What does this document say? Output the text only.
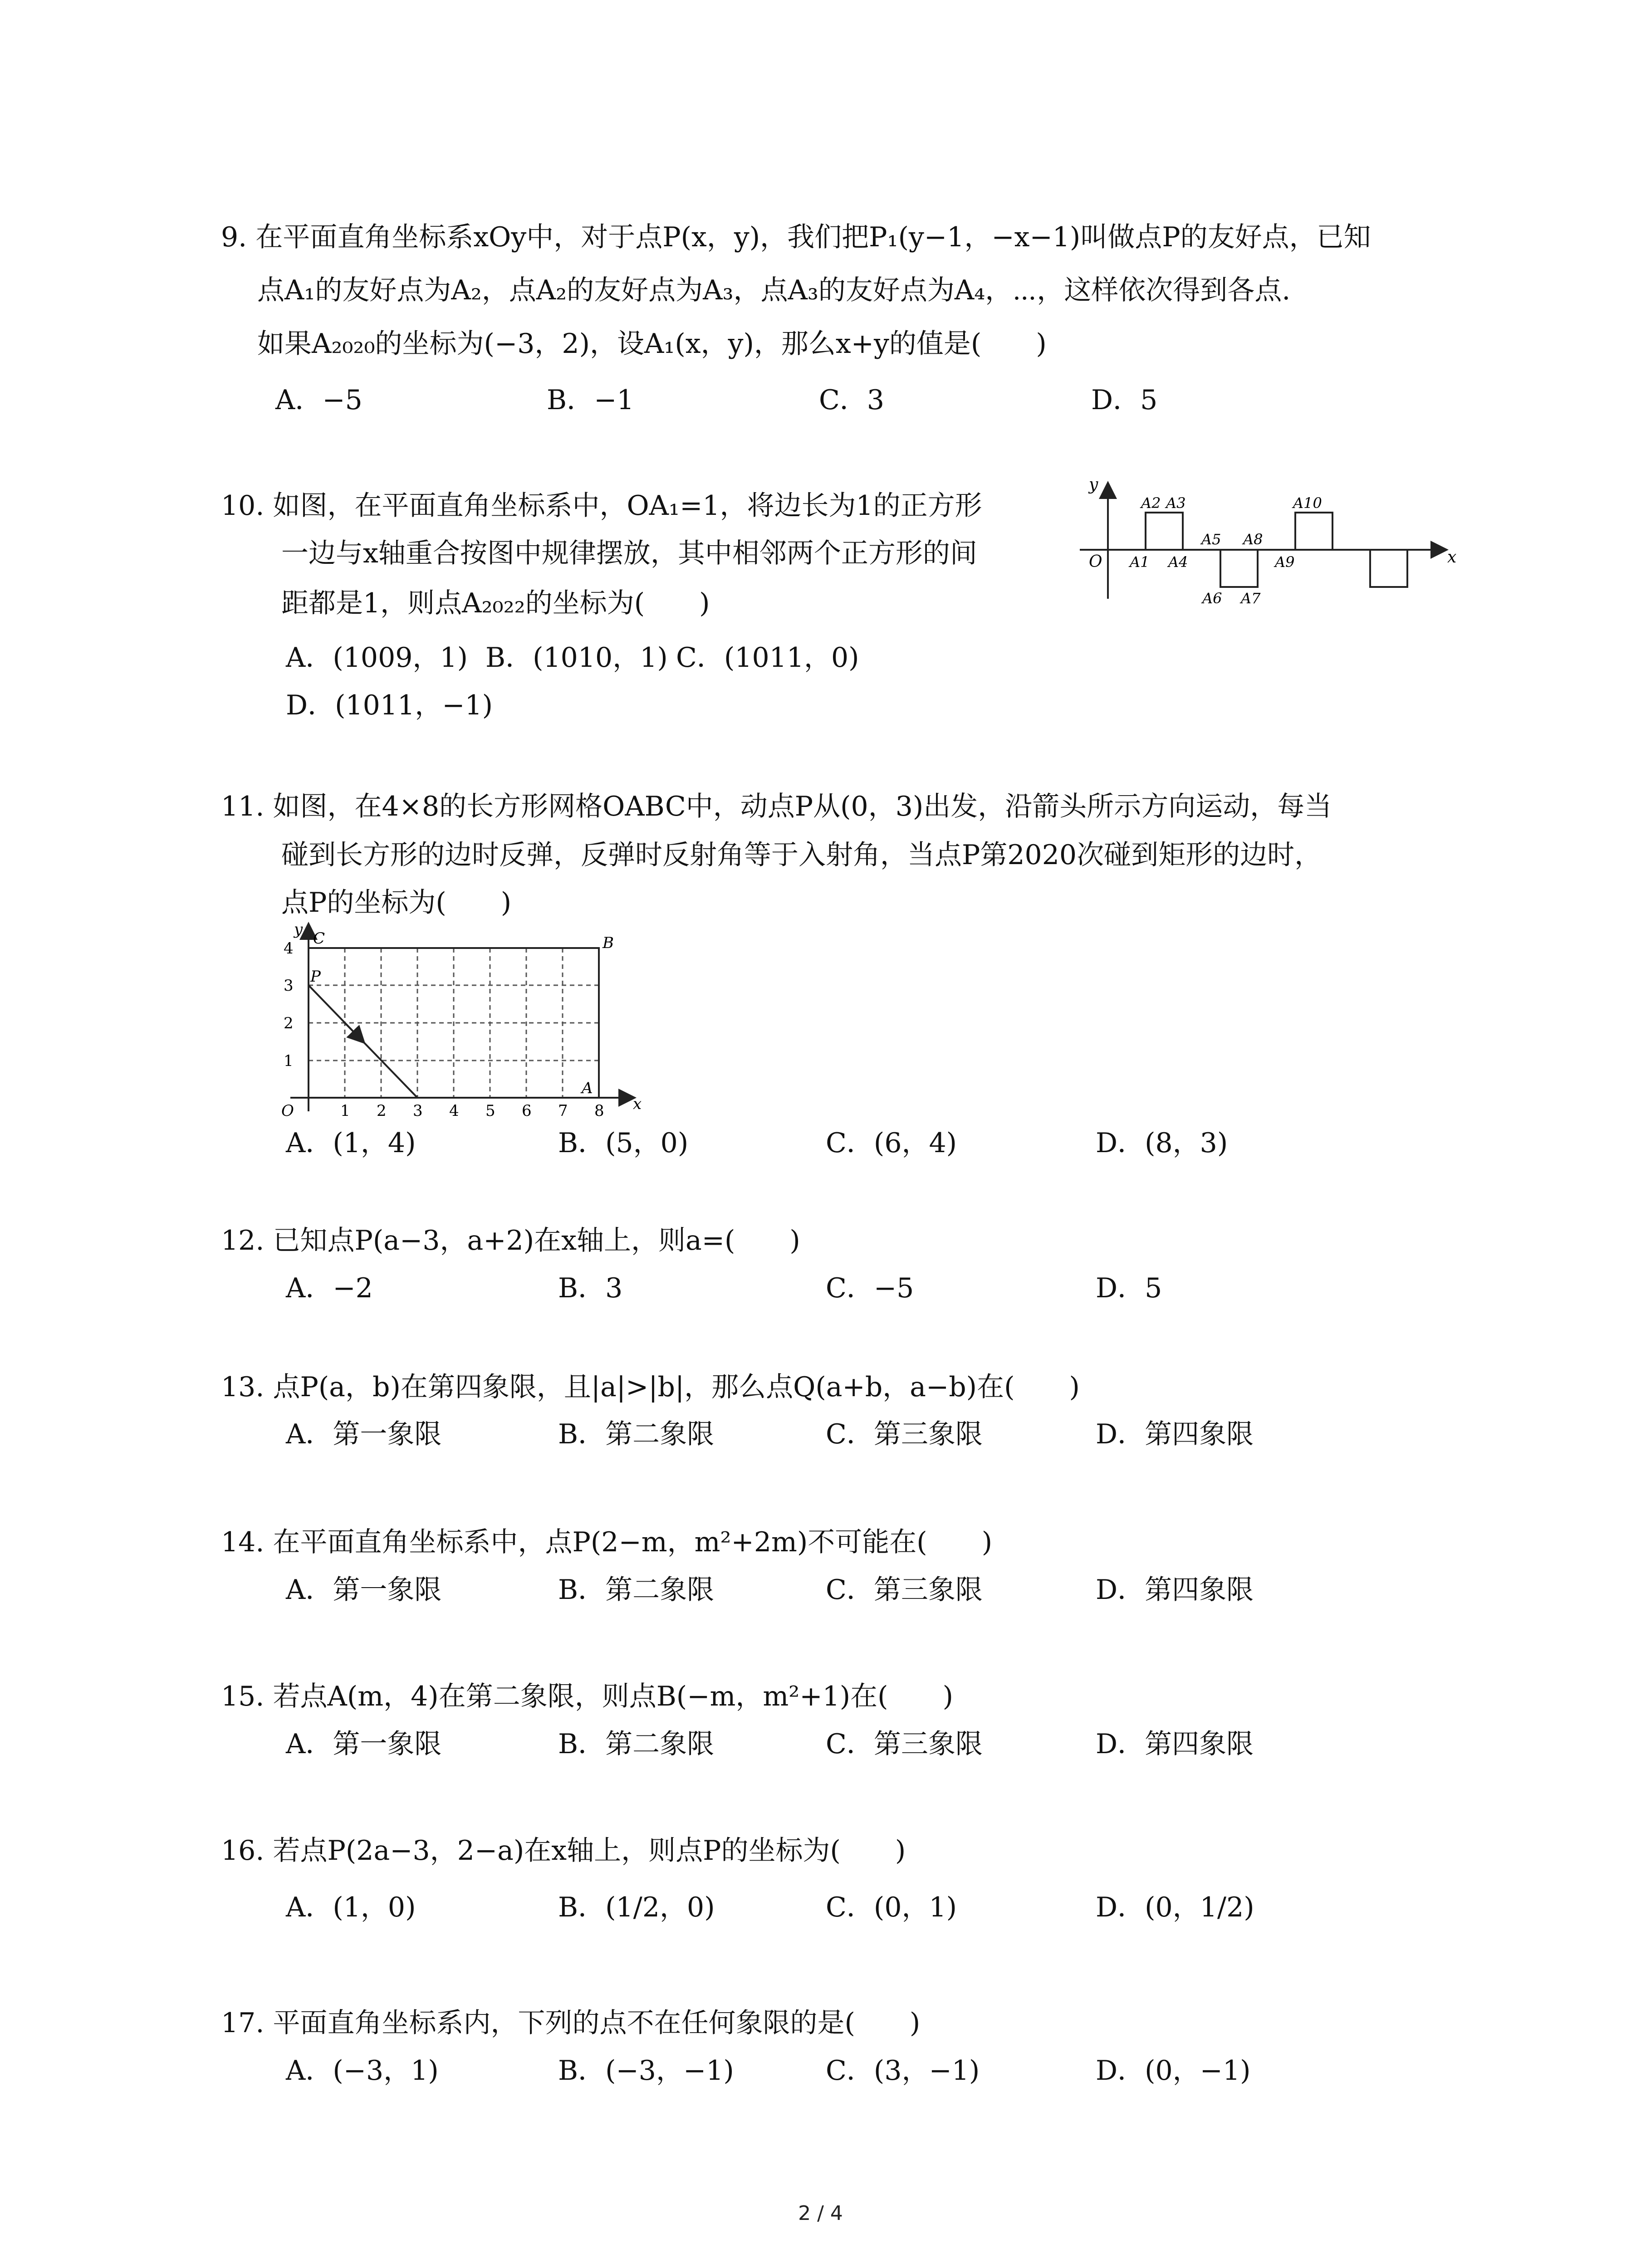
9. 在平面直角坐标系xOy中，对于点P(x，y)，我们把P₁(y−1，−x−1)叫做点P的友好点，已知
点A₁的友好点为A₂，点A₂的友好点为A₃，点A₃的友好点为A₄，⋯，这样依次得到各点.
如果A₂₀₂₀的坐标为(−3，2)，设A₁(x，y)，那么x+y的值是(　　)
A．−5	B．−1	C．3	D．5
10. 如图，在平面直角坐标系中，OA₁=1，将边长为1的正方形
一边与x轴重合按图中规律摆放，其中相邻两个正方形的间
距都是1，则点A₂₀₂₂的坐标为(　　)
A．(1009，1) B．(1010，1) C．(1011，0)
D．(1011，−1)
x
y
O A1
A2 A3
A4
A5
A6 A7
A8
A9
A10
11. 如图，在4×8的长方形网格OABC中，动点P从(0，3)出发，沿箭头所示方向运动，每当
碰到长方形的边时反弹，反弹时反射角等于入射角，当点P第2020次碰到矩形的边时，
点P的坐标为(　　)
y
x
O
C	B
A
P
4
3
2
1
1 2 3 4 5 6 7 8
A．(1，4)	B．(5，0)	C．(6，4)	D．(8，3)
12. 已知点P(a−3，a+2)在x轴上，则a=(　　)
A．−2	B．3	C．−5	D．5
13. 点P(a，b)在第四象限，且|a|>|b|，那么点Q(a+b，a−b)在(　　)
A．第一象限	B．第二象限	C．第三象限	D．第四象限
14. 在平面直角坐标系中，点P(2−m，m²+2m)不可能在(　　)
A．第一象限	B．第二象限	C．第三象限	D．第四象限
15. 若点A(m，4)在第二象限，则点B(−m，m²+1)在(　　)
A．第一象限	B．第二象限	C．第三象限	D．第四象限
16. 若点P(2a−3，2−a)在x轴上，则点P的坐标为(　　)
A．(1，0)	B．(1/2，0)	C．(0，1)	D．(0，1/2)
17. 平面直角坐标系内，下列的点不在任何象限的是(　　)
A．(−3，1)	B．(−3，−1)	C．(3，−1)	D．(0，−1)
2 / 4
